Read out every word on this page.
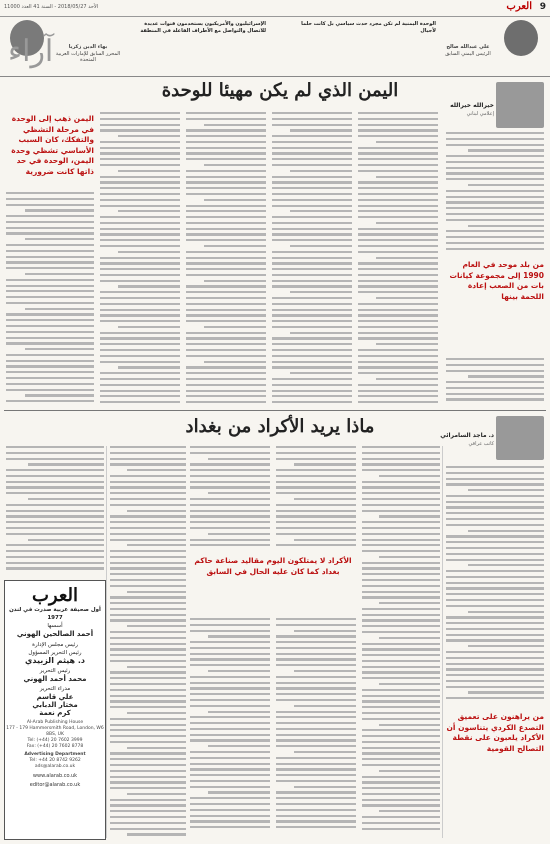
9
العرب
الأحد 2018/05/27 - السنة 41 العدد 11000
بهاء الدين زكريا
المحرر السابق للإمارات العربية المتحدة
الإسرائيليون والأمريكيون يستخدمون قنوات عديدة للاتصال والتواصل مع الأطراف الفاعلة في المنطقة
الوحدة اليمنية لم تكن مجرد حدث سياسي بل كانت حلما لأجيال
علي عبدالله صالح
الرئيس اليمني السابق
آراء
اليمن الذي لم يكن مهيئا للوحدة
خيرالله خيرالله
إعلامي لبناني
اليمن ذهب إلى الوحدة في مرحلة التشظي والتفكك، كان السبب الأساسي تشظي وحدة اليمن، الوحدة في حد ذاتها كانت ضرورية
من بلد موحد في العام 1990 إلى مجموعة كيانات بات من الصعب إعادة اللحمة بينها
ماذا يريد الأكراد من بغداد	د. ماجد السامرائي
كاتب عراقي
الأكراد لا يمتلكون اليوم مقاليد صناعة حاكم بغداد كما كان عليه الحال في السابق
من يراهنون على تعميق التصدع الكردي يتناسون أن الأكراد يلعبون على نقطة التصالح القومية
العرب
أول صحيفة عربية صدرت في لندن 1977
أسسها
أحمد الصالحين الهوني
رئيس مجلس الإدارة
رئيس التحرير المسؤول
د. هيثم الزبيدي
رئيس التحرير
محمد أحمد الهوني
مدراء التحرير
علي قاسم
مختار الدبابي
كرم نعمة
Al-Arab Publishing House
177 - 179 Hammersmith Road, London, W6 8BS, UK
Tel: (+44) 20 7602 3999
Fax: (+44) 20 7602 8778
Advertising Department
Tel: +44 20 8742 9262
ads@alarab.co.uk
www.alarab.co.uk
editor@alarab.co.uk
